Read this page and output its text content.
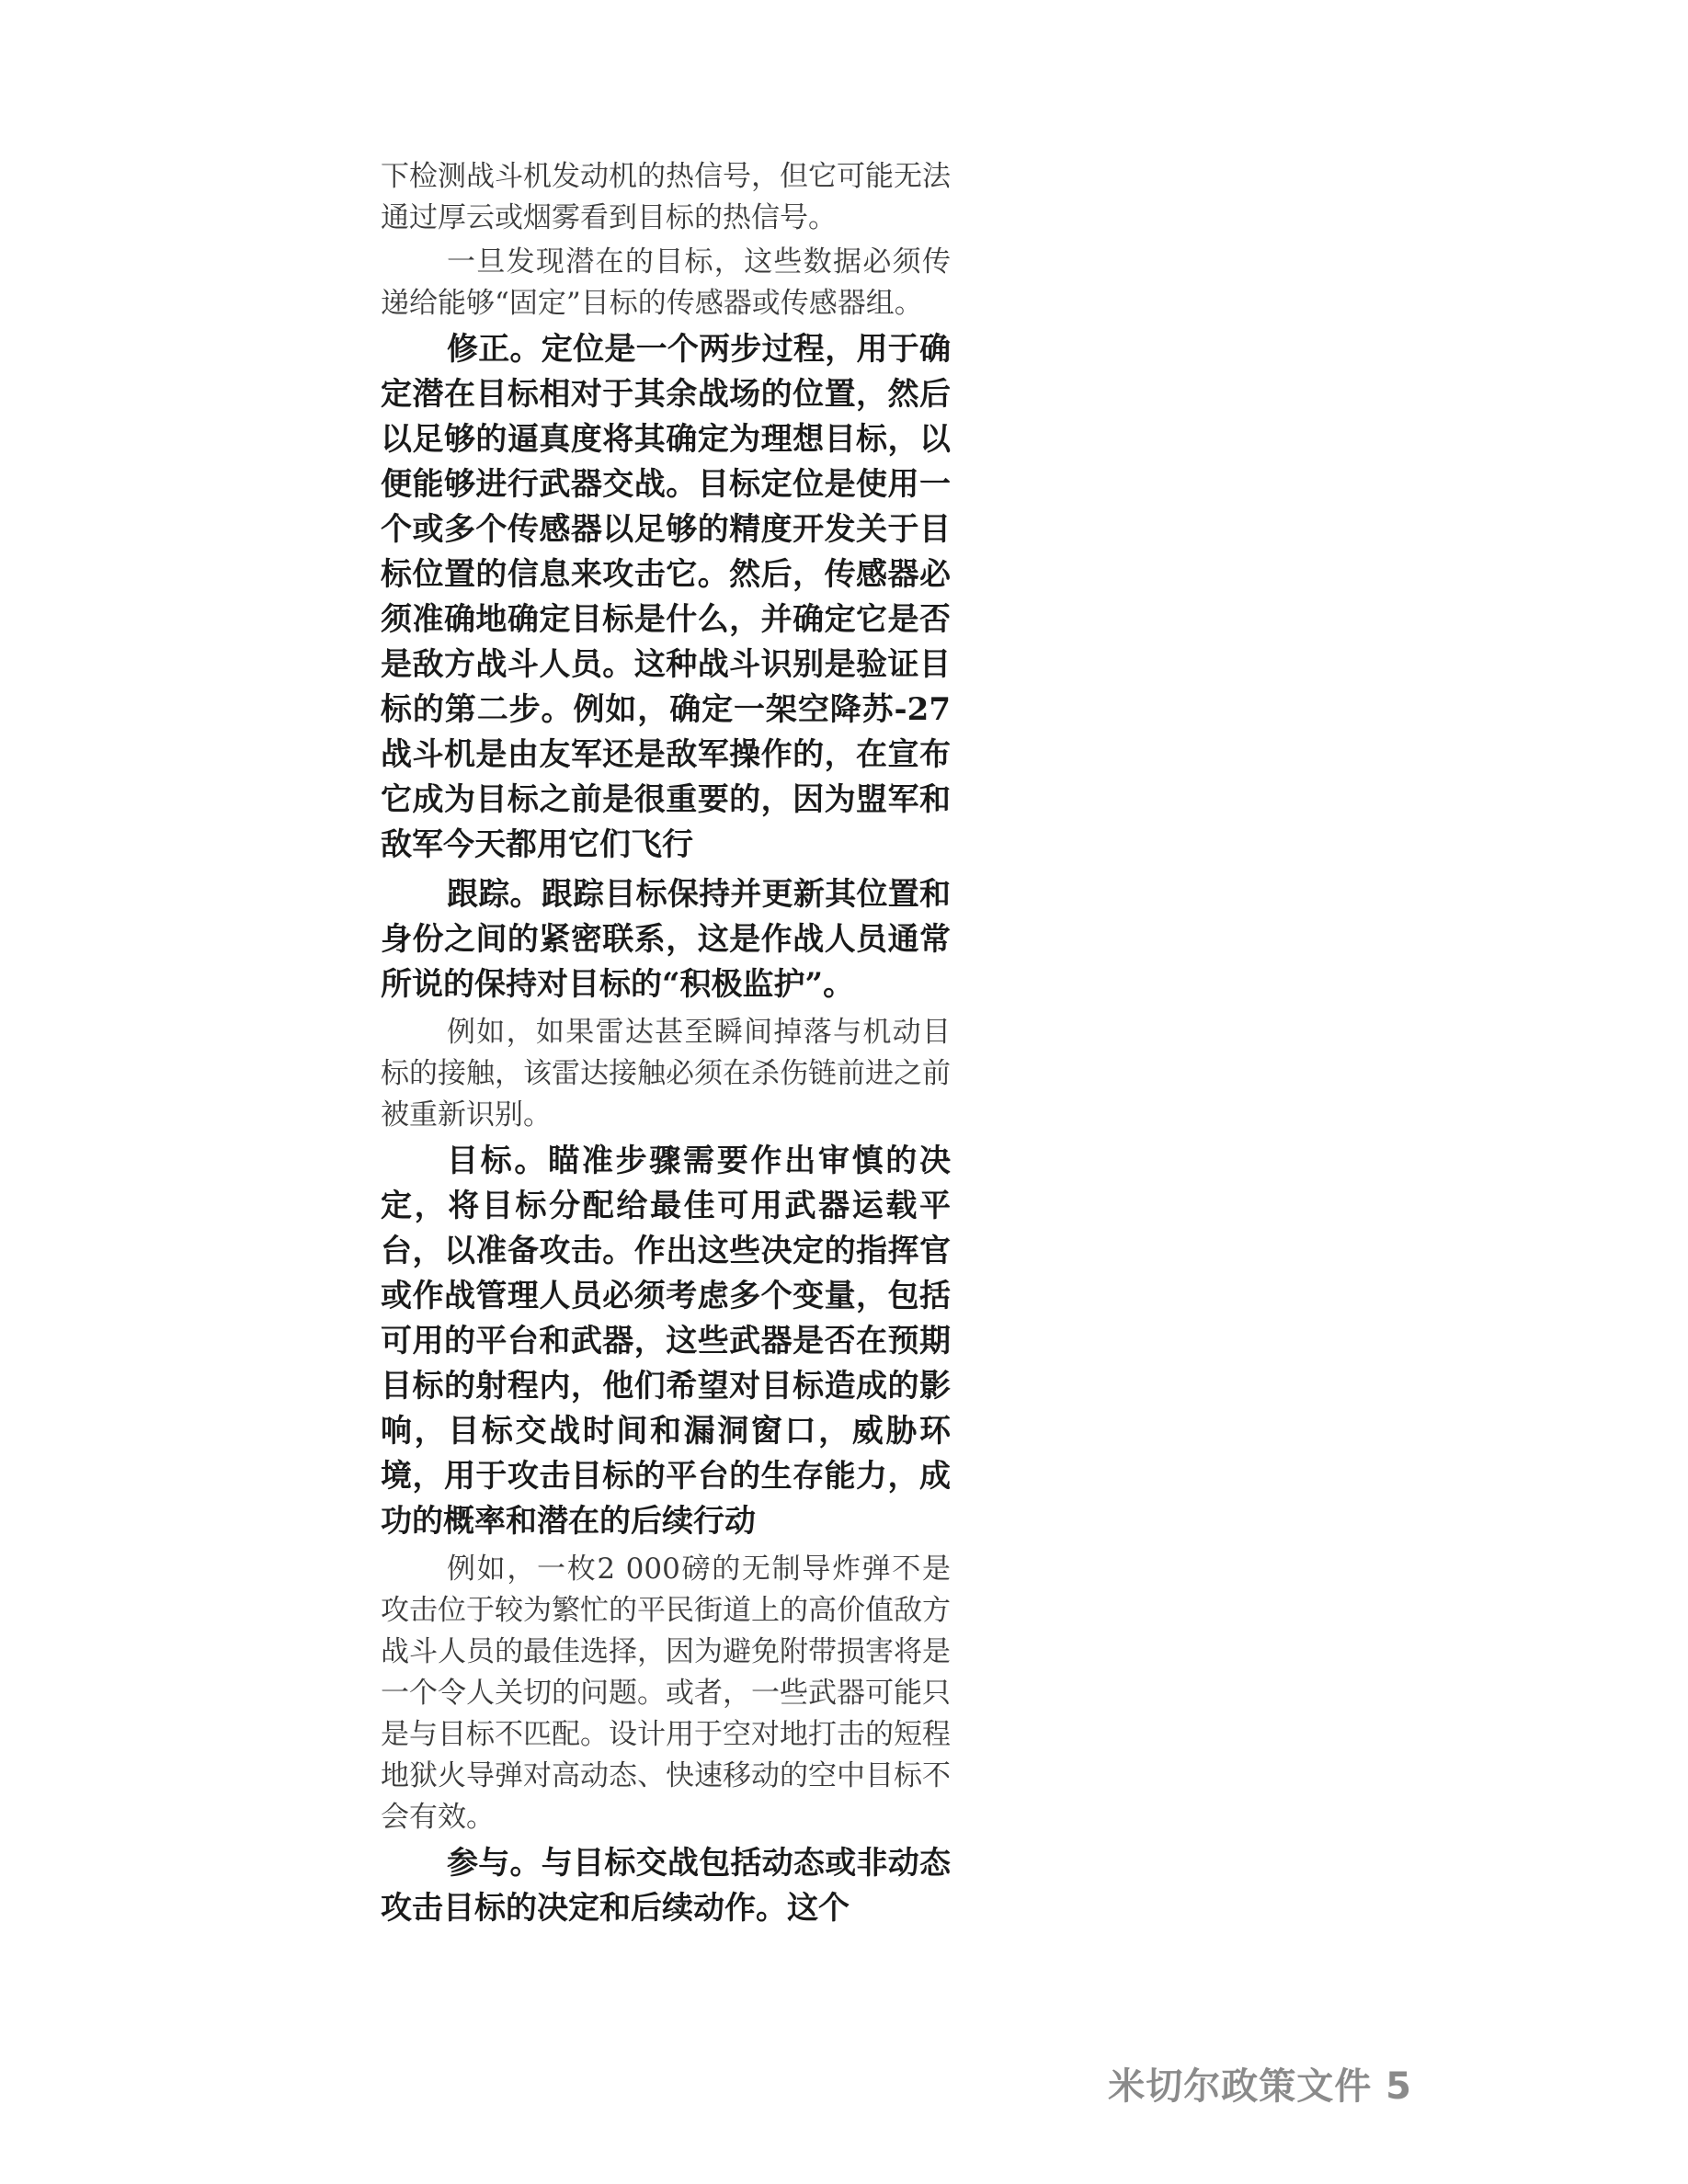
下检测战斗机发动机的热信号，但它可能无法通过厚云或烟雾看到目标的热信号。

一旦发现潜在的目标，这些数据必须传递给能够“固定”目标的传感器或传感器组。

修正。定位是一个两步过程，用于确定潜在目标相对于其余战场的位置，然后以足够的逼真度将其确定为理想目标，以便能够进行武器交战。目标定位是使用一个或多个传感器以足够的精度开发关于目标位置的信息来攻击它。然后，传感器必须准确地确定目标是什么，并确定它是否是敌方战斗人员。这种战斗识别是验证目标的第二步。例如，确定一架空降苏-27战斗机是由友军还是敌军操作的，在宣布它成为目标之前是很重要的，因为盟军和敌军今天都用它们飞行

跟踪。跟踪目标保持并更新其位置和身份之间的紧密联系，这是作战人员通常所说的保持对目标的“积极监护”。

例如，如果雷达甚至瞬间掉落与机动目标的接触，该雷达接触必须在杀伤链前进之前被重新识别。

目标。瞄准步骤需要作出审慎的决定，将目标分配给最佳可用武器运载平台，以准备攻击。作出这些决定的指挥官或作战管理人员必须考虑多个变量，包括可用的平台和武器，这些武器是否在预期目标的射程内，他们希望对目标造成的影响，目标交战时间和漏洞窗口，威胁环境，用于攻击目标的平台的生存能力，成功的概率和潜在的后续行动

例如，一枚2 000磅的无制导炸弹不是攻击位于较为繁忙的平民街道上的高价值敌方战斗人员的最佳选择，因为避免附带损害将是一个令人关切的问题。或者，一些武器可能只是与目标不匹配。设计用于空对地打击的短程地狱火导弹对高动态、快速移动的空中目标不会有效。

参与。与目标交战包括动态或非动态攻击目标的决定和后续动作。这个

米切尔政策文件 5
